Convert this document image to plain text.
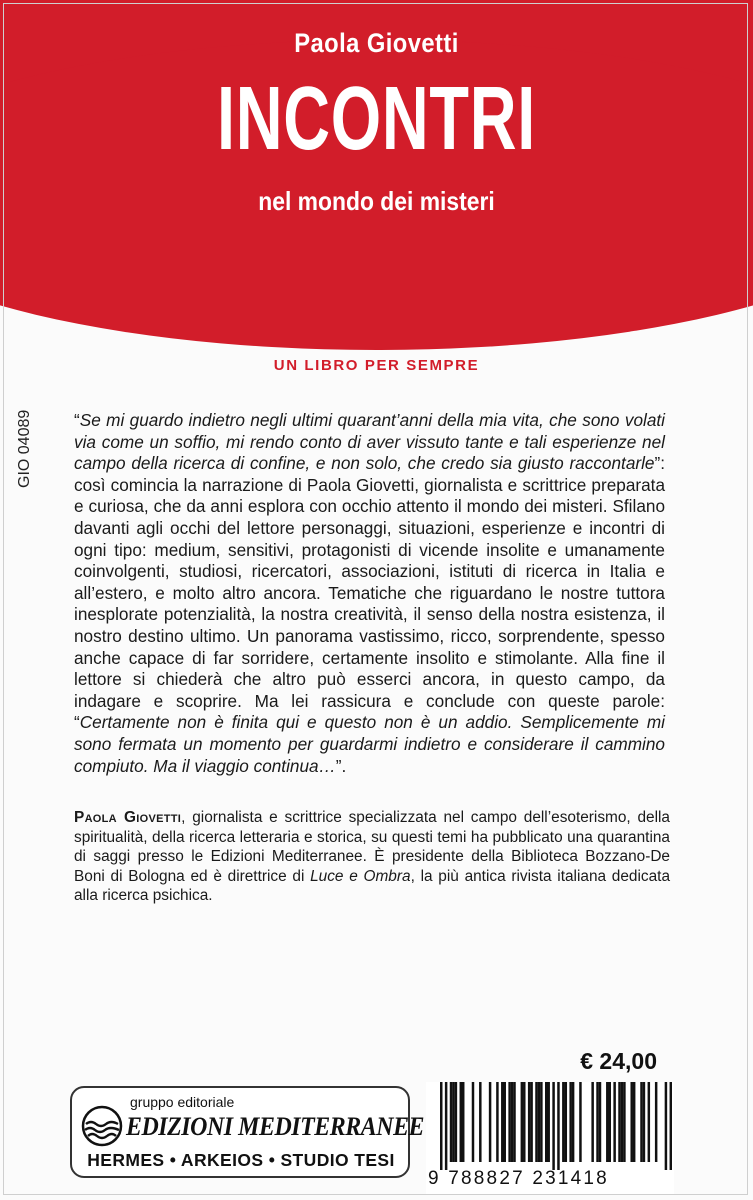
Paola Giovetti
INCONTRI
nel mondo dei misteri
UN LIBRO PER SEMPRE
GIO 04089 “Se mi guardo indietro negli ultimi quarant’anni della mia vita, che sono volati via come un soffio, mi rendo conto di aver vissuto tante e tali esperienze nel campo della ricerca di confine, e non solo, che credo sia giusto raccontarle”: così comincia la narrazione di Paola Giovetti, giornalista e scrittrice preparata e curiosa, che da anni esplora con occhio attento il mondo dei misteri. Sfilano davanti agli occhi del lettore personaggi, situazioni, esperienze e incontri di ogni tipo: medium, sensitivi, protagonisti di vicende insolite e umanamente coinvolgenti, studiosi, ricercatori, associazioni, istituti di ricerca in Italia e all’estero, e molto altro ancora. Tematiche che riguardano le nostre tuttora inesplorate potenzialità, la nostra creatività, il senso della nostra esistenza, il nostro destino ultimo. Un panorama vastissimo, ricco, sorprendente, spesso anche capace di far sorridere, certamente insolito e stimolante. Alla fine il lettore si chiederà che altro può esserci ancora, in questo campo, da indagare e scoprire. Ma lei rassicura e conclude con queste parole: “Certamente non è finita qui e questo non è un addio. Semplicemente mi sono fermata un momento per guardarmi indietro e considerare il cammino compiuto. Ma il viaggio continua…”.

Paola Giovetti, giornalista e scrittrice specializzata nel campo dell’esoterismo, della spiritualità, della ricerca letteraria e storica, su questi temi ha pubblicato una quarantina di saggi presso le Edizioni Mediterranee. È presidente della Biblioteca Bozzano-De Boni di Bologna ed è direttrice di Luce e Ombra, la più antica rivista italiana dedicata alla ricerca psichica.

€ 24,00
gruppo editoriale
EDIZIONI MEDITERRANEE
HERMES • ARKEIOS • STUDIO TESI
9 788827 231418
